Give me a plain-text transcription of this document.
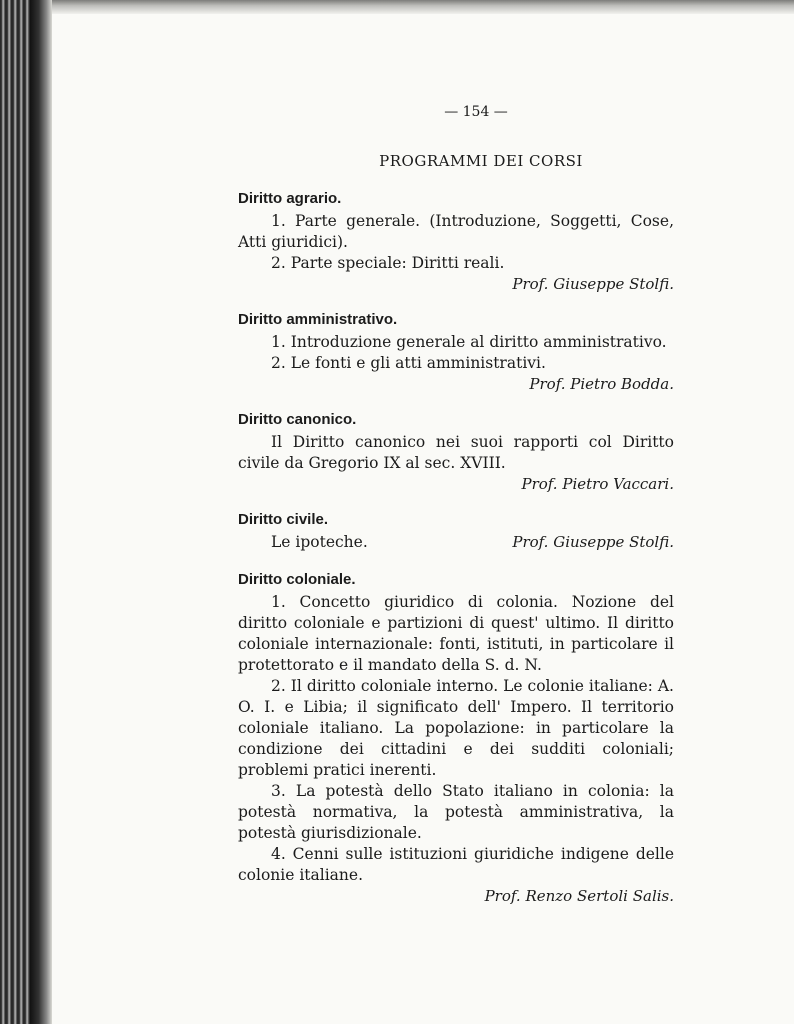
— 154 —
PROGRAMMI DEI CORSI
Diritto agrario.

1. Parte generale. (Introduzione, Soggetti, Cose, Atti giuridici).

2. Parte speciale: Diritti reali.

Prof. Giuseppe Stolfi.
Diritto amministrativo.

1. Introduzione generale al diritto amministrativo.

2. Le fonti e gli atti amministrativi.

Prof. Pietro Bodda.
Diritto canonico.

Il Diritto canonico nei suoi rapporti col Diritto civile da Gregorio IX al sec. XVIII.

Prof. Pietro Vaccari.
Diritto civile.

Le ipoteche.	Prof. Giuseppe Stolfi.
Diritto coloniale.

1. Concetto giuridico di colonia. Nozione del diritto coloniale e partizioni di quest' ultimo. Il diritto coloniale internazionale: fonti, istituti, in particolare il protettorato e il mandato della S. d. N.

2. Il diritto coloniale interno. Le colonie italiane: A. O. I. e Libia; il significato dell' Impero. Il territorio coloniale italiano. La popolazione: in particolare la condizione dei cittadini e dei sudditi coloniali; problemi pratici inerenti.

3. La potestà dello Stato italiano in colonia: la potestà normativa, la potestà amministrativa, la potestà giurisdizionale.

4. Cenni sulle istituzioni giuridiche indigene delle colonie italiane.

Prof. Renzo Sertoli Salis.
